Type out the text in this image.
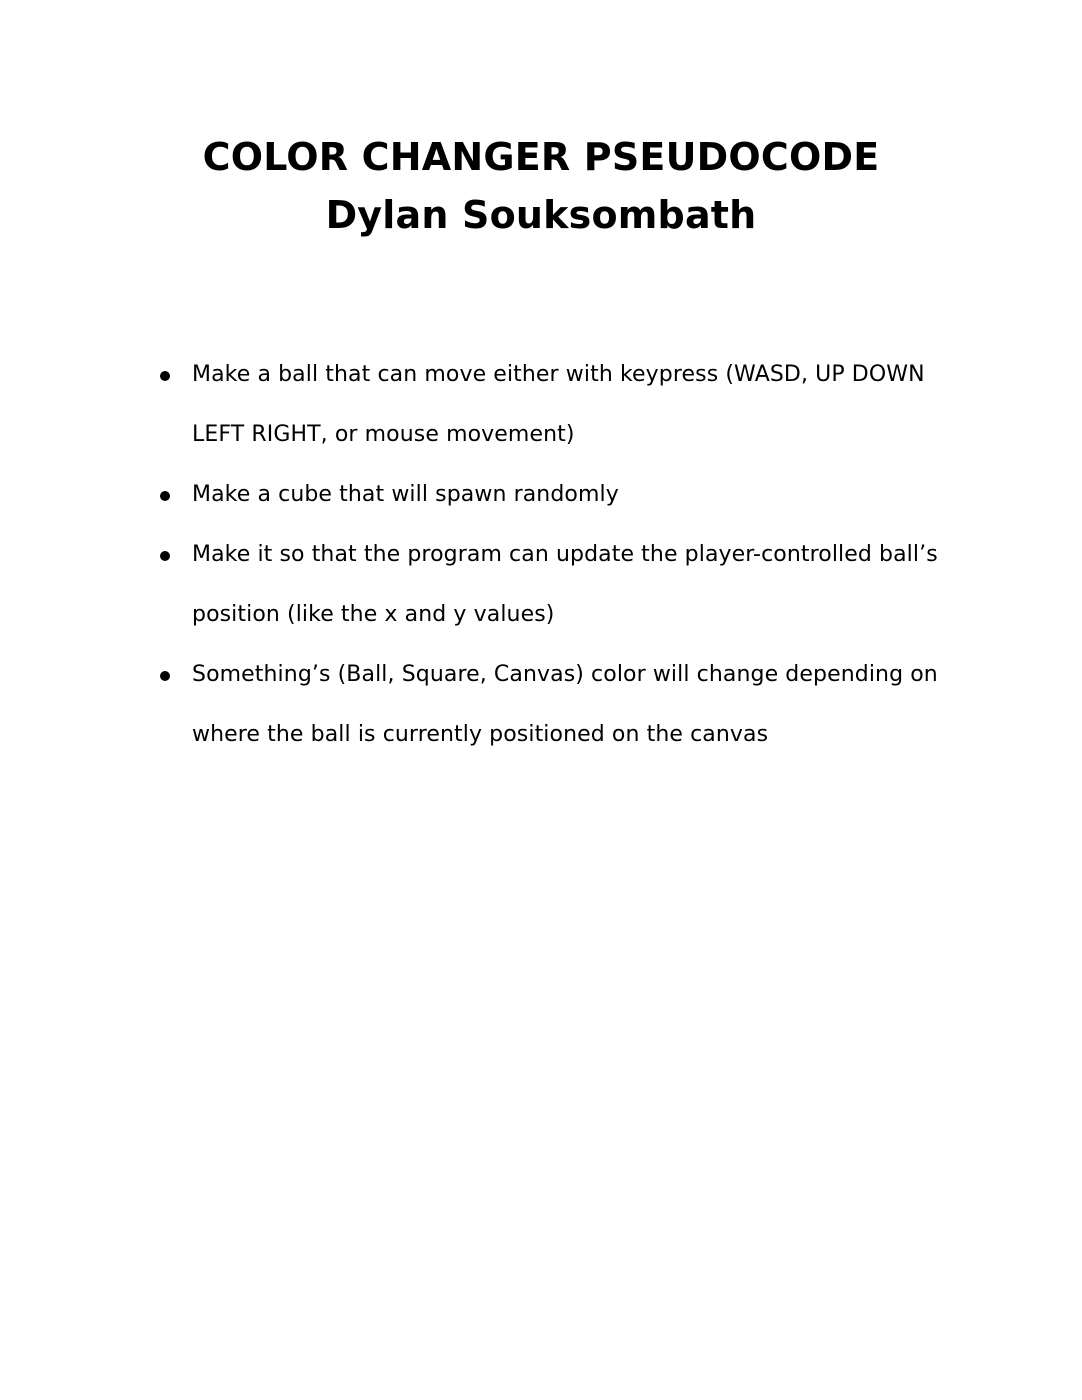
COLOR CHANGER PSEUDOCODE
Dylan Souksombath
Make a ball that can move either with keypress (WASD, UP DOWN LEFT RIGHT, or mouse movement)
Make a cube that will spawn randomly
Make it so that the program can update the player-controlled ball’s position (like the x and y values)
Something’s (Ball, Square, Canvas) color will change depending on where the ball is currently positioned on the canvas
